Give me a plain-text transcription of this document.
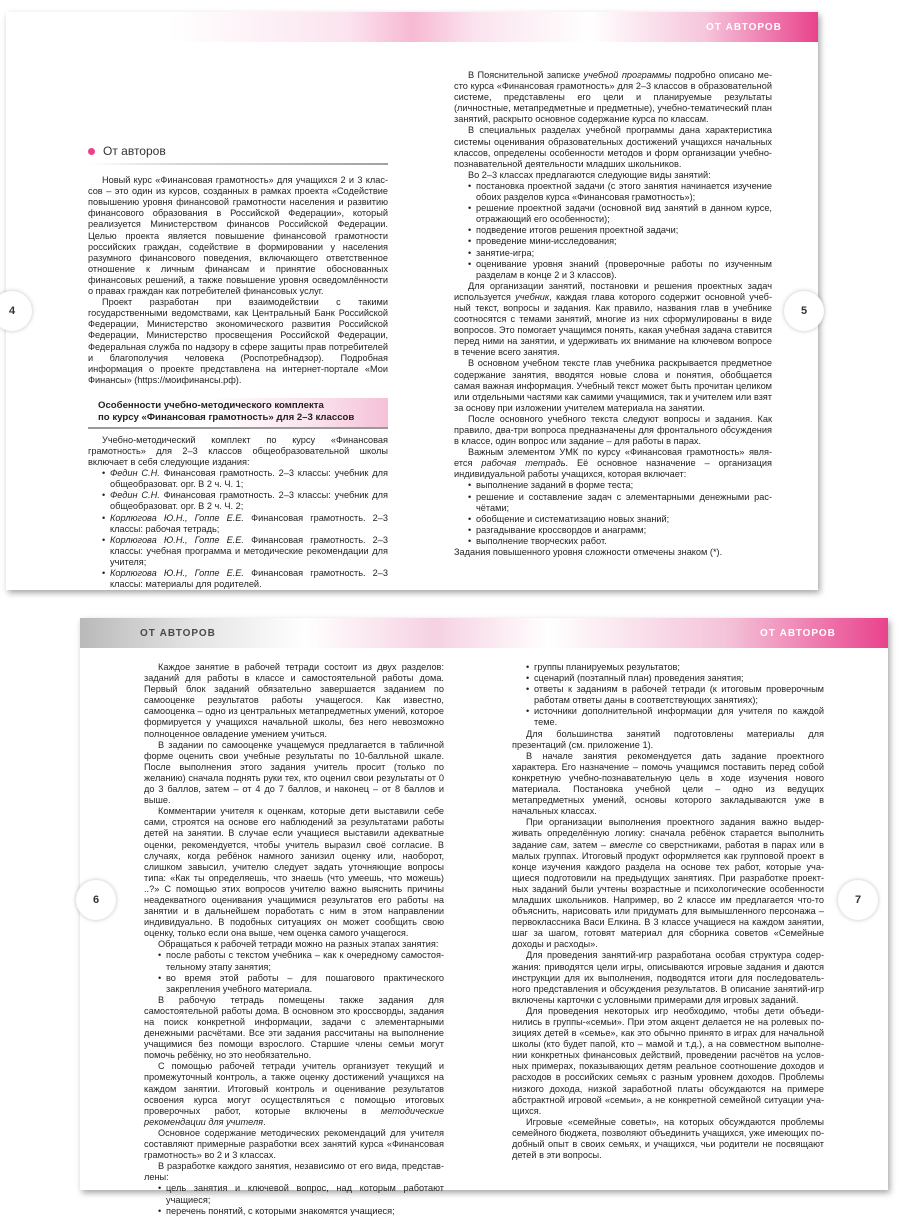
ОТ АВТОРОВ
4	5
От авторов

Новый курс «Финансовая грамотность» для учащихся 2 и 3 классов – это один из курсов, созданных в рамках проекта «Содействие повышению уровня финансовой грамотности населения и развитию финансового образования в Российской Федерации», который реализуется Министерством финансов Российской Федерации. Целью проекта является повышение финансовой грамотности российских граждан, содействие в формировании у населения разумного финансового поведения, включающего ответственное отношение к личным финансам и принятие обоснованных финансовых решений, а также повышение уровня осведомлённости о правах граждан как потребителей финансовых услуг.

Проект разработан при взаимодействии с такими государственными ведомствами, как Центральный Банк Российской Федерации, Министерство экономического развития Российской Федерации, Министерство просвещения Российской Федерации, Федеральная служба по надзору в сфере защиты прав потребителей и благополучия человека (Роспотребнадзор). Подробная информация о проекте представлена на интернет-портале «Мои Финансы» (https://моифинансы.рф).

Особенности учебно-методического комплекта
по курсу «Финансовая грамотность» для 2–3 классов

Учебно-методический комплект по курсу «Финансовая грамотность» для 2–3 классов общеобразовательной школы включает в себя следующие издания:

• Федин С.Н. Финансовая грамотность. 2–3 классы: учебник для общеобразоват. орг. В 2 ч. Ч. 1;
• Федин С.Н. Финансовая грамотность. 2–3 классы: учебник для общеобразоват. орг. В 2 ч. Ч. 2;
• Корлюгова Ю.Н., Гоппе Е.Е. Финансовая грамотность. 2–3 классы: рабочая тетрадь;
• Корлюгова Ю.Н., Гоппе Е.Е. Финансовая грамотность. 2–3 классы: учебная программа и методические рекомендации для учителя;
• Корлюгова Ю.Н., Гоппе Е.Е. Финансовая грамотность. 2–3 классы: материалы для родителей.

В Пояснительной записке учебной программы подробно описано место курса «Финансовая грамотность» для 2–3 классов в образовательной системе, представлены его цели и планируемые результаты (личностные, метапредметные и предметные), учебно-тематический план занятий, раскрыто основное содержание курса по классам.

В специальных разделах учебной программы дана характеристика системы оценивания образовательных достижений учащихся начальных классов, определены особенности методов и форм организации учебно-познавательной деятельности младших школьников.

Во 2–3 классах предлагаются следующие виды занятий:

• постановка проектной задачи (с этого занятия начинается изучение обоих разделов курса «Финансовая грамотность»);
• решение проектной задачи (основной вид занятий в данном курсе, отражающий его особенности);
• подведение итогов решения проектной задачи;
• проведение мини-исследования;
• занятие-игра;
• оценивание уровня знаний (проверочные работы по изученным разделам в конце 2 и 3 классов).

Для организации занятий, постановки и решения проектных задач используется учебник, каждая глава которого содержит основной учебный текст, вопросы и задания. Как правило, названия глав в учебнике соотносятся с темами занятий, многие из них сформулированы в виде вопросов. Это помогает учащимся понять, какая учебная задача ставится перед ними на занятии, и удерживать их внимание на ключевом вопросе в течение всего занятия.

В основном учебном тексте глав учебника раскрывается предметное содержание занятия, вводятся новые слова и понятия, обобщается самая важная информация. Учебный текст может быть прочитан целиком или отдельными частями как самими учащимися, так и учителем или взят за основу при изложении учителем материала на занятии.

После основного учебного текста следуют вопросы и задания. Как правило, два-три вопроса предназначены для фронтального обсуждения в классе, один вопрос или задание – для работы в парах.

Важным элементом УМК по курсу «Финансовая грамотность» является рабочая тетрадь. Её основное назначение – организация индивидуальной работы учащихся, которая включает:

• выполнение заданий в форме теста;
• решение и составление задач с элементарными денежными расчётами;
• обобщение и систематизацию новых знаний;
• разгадывание кроссвордов и анаграмм;
• выполнение творческих работ.

Задания повышенного уровня сложности отмечены знаком (*).

ОТ АВТОРОВ	ОТ АВТОРОВ
6	7

Каждое занятие в рабочей тетради состоит из двух разделов: заданий для работы в классе и самостоятельной работы дома. Первый блок заданий обязательно завершается заданием по самооценке результатов работы учащегося. Как известно, самооценка – одно из центральных метапредметных умений, которое формируется у учащихся начальной школы, без него невозможно полноценное овладение умением учиться.

В задании по самооценке учащемуся предлагается в табличной форме оценить свои учебные результаты по 10-балльной шкале. После выполнения этого задания учитель просит (только по желанию) сначала поднять руки тех, кто оценил свои результаты от 0 до 3 баллов, затем – от 4 до 7 баллов, и наконец – от 8 баллов и выше.

Комментарии учителя к оценкам, которые дети выставили себе сами, строятся на основе его наблюдений за результатами работы детей на занятии. В случае если учащиеся выставили адекватные оценки, рекомендуется, чтобы учитель выразил своё согласие. В случаях, когда ребёнок намного занизил оценку или, наоборот, слишком завысил, учителю следует задать уточняющие вопросы типа: «Как ты определяешь, что знаешь (что умеешь, что можешь) ..?» С помощью этих вопросов учителю важно выяснить причины неадекватного оценивания учащимися результатов его работы на занятии и в дальнейшем поработать с ним в этом направлении индивидуально. В подобных ситуациях он может сообщить свою оценку, только если она выше, чем оценка самого учащегося.

Обращаться к рабочей тетради можно на разных этапах занятия:

• после работы с текстом учебника – как к очередному самостоятельному этапу занятия;
• во время этой работы – для пошагового практического закрепления учебного материала.

В рабочую тетрадь помещены также задания для самостоятельной работы дома. В основном это кроссворды, задания на поиск конкретной информации, задачи с элементарными денежными расчётами. Все эти задания рассчитаны на выполнение учащимися без помощи взрослого. Старшие члены семьи могут помочь ребёнку, но это необязательно.

С помощью рабочей тетради учитель организует текущий и промежуточный контроль, а также оценку достижений учащихся на каждом занятии. Итоговый контроль и оценивание результатов освоения курса могут осуществляться с помощью итоговых проверочных работ, которые включены в методические рекомендации для учителя.

Основное содержание методических рекомендаций для учителя составляют примерные разработки всех занятий курса «Финансовая грамотность» во 2 и 3 классах.

В разработке каждого занятия, независимо от его вида, представлены:

• цель занятия и ключевой вопрос, над которым работают учащиеся;
• перечень понятий, с которыми знакомятся учащиеся;
• группы планируемых результатов;
• сценарий (поэтапный план) проведения занятия;
• ответы к заданиям в рабочей тетради (к итоговым проверочным работам ответы даны в соответствующих занятиях);
• источники дополнительной информации для учителя по каждой теме.

Для большинства занятий подготовлены материалы для презентаций (см. приложение 1).

В начале занятия рекомендуется дать задание проектного характера. Его назначение – помочь учащимся поставить перед собой конкретную учебно-познавательную цель в ходе изучения нового материала. Постановка учебной цели – одно из ведущих метапредметных умений, основы которого закладываются уже в начальных классах.

При организации выполнения проектного задания важно выдерживать определённую логику: сначала ребёнок старается выполнить задание сам, затем – вместе со сверстниками, работая в парах или в малых группах. Итоговый продукт оформляется как групповой проект в конце изучения каждого раздела на основе тех работ, которые учащиеся подготовили на предыдущих занятиях. При разработке проектных заданий были учтены возрастные и психологические особенности младших школьников. Например, во 2 классе им предлагается что-то объяснить, нарисовать или придумать для вымышленного персонажа – первоклассника Васи Елкина. В 3 классе учащиеся на каждом занятии, шаг за шагом, готовят материал для сборника советов «Семейные доходы и расходы».

Для проведения занятий-игр разработана особая структура содержания: приводятся цели игры, описываются игровые задания и даются инструкции для их выполнения, подводятся итоги для последовательного представления и обсуждения результатов. В описание занятий-игр включены карточки с условными примерами для игровых заданий.

Для проведения некоторых игр необходимо, чтобы дети объединились в группы-«семьи». При этом акцент делается не на ролевых позициях детей в «семье», как это обычно принято в играх для начальной школы (кто будет папой, кто – мамой и т.д.), а на совместном выполнении конкретных финансовых действий, проведении расчётов на условных примерах, показывающих детям реальное соотношение доходов и расходов в российских семьях с разным уровнем доходов. Проблемы низкого дохода, низкой заработной платы обсуждаются на примере абстрактной игровой «семьи», а не конкретной семейной ситуации учащихся.

Игровые «семейные советы», на которых обсуждаются проблемы семейного бюджета, позволяют объединить учащихся, уже имеющих подобный опыт в своих семьях, и учащихся, чьи родители не посвящают детей в эти вопросы.
